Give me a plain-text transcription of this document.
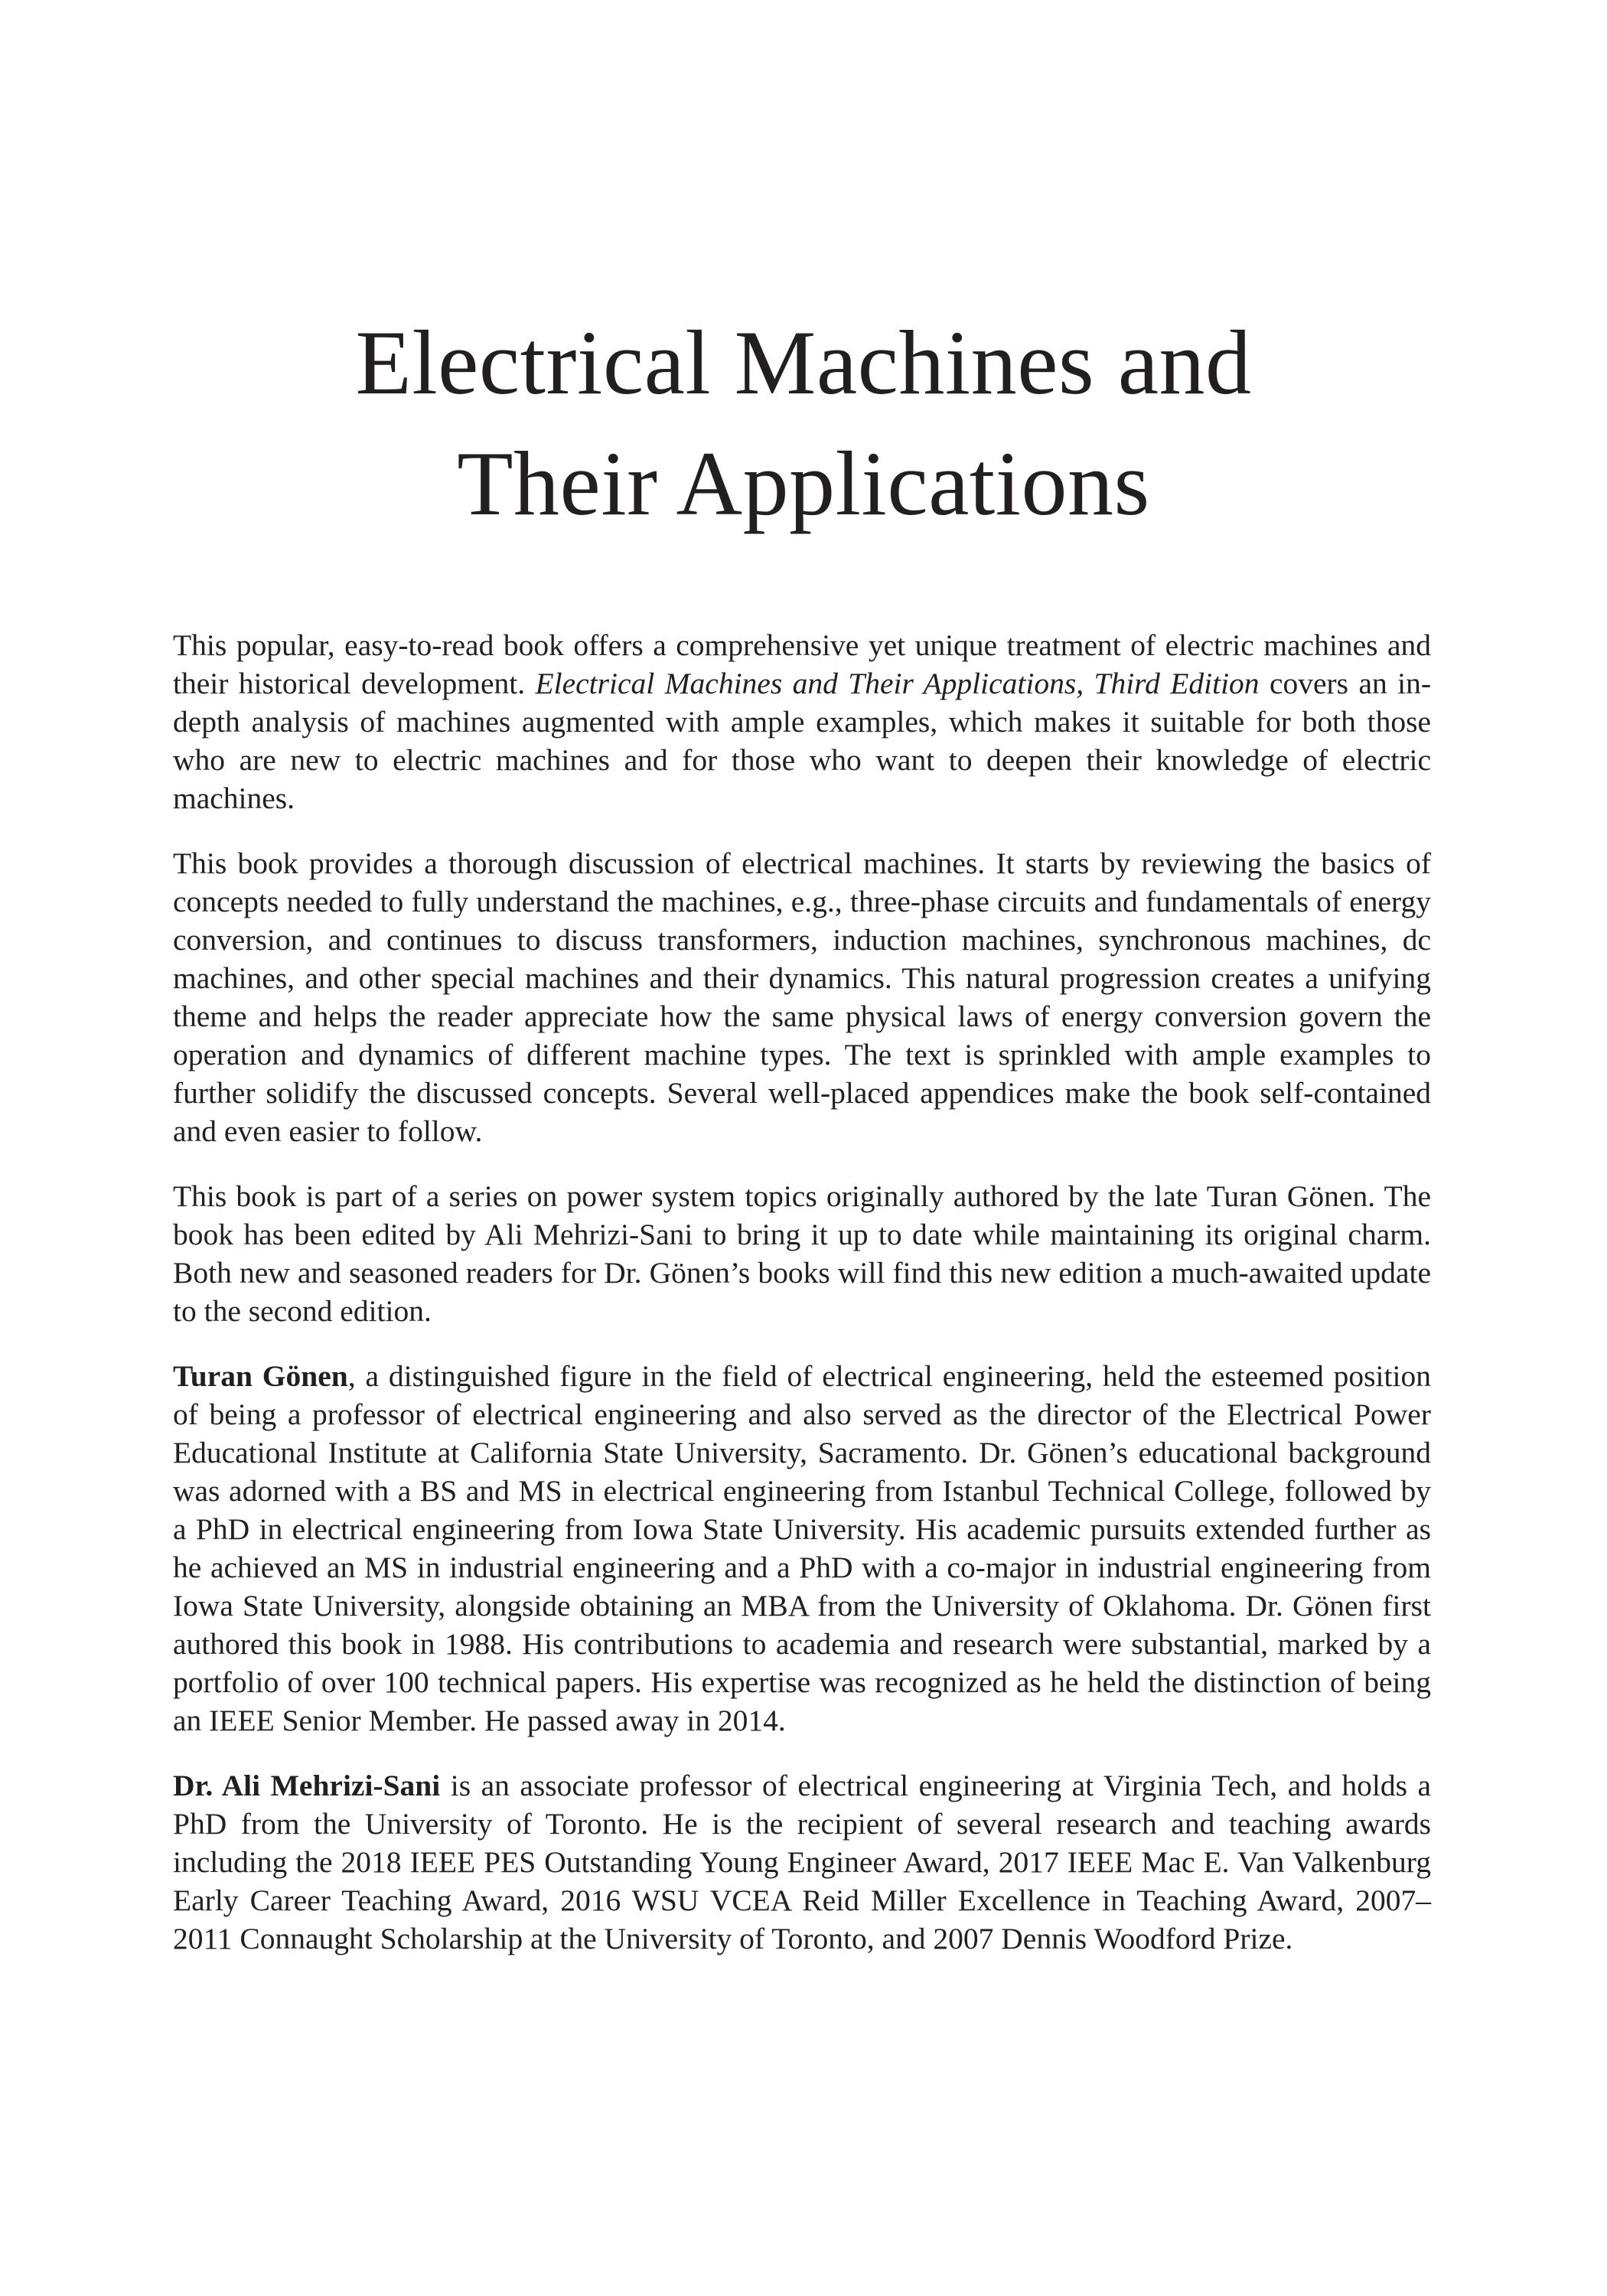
Electrical Machines and
Their Applications

This popular, easy-to-read book offers a comprehensive yet unique treatment of electric machines and their historical development. Electrical Machines and Their Applications, Third Edition covers an in-depth analysis of machines augmented with ample examples, which makes it suitable for both those who are new to electric machines and for those who want to deepen their knowledge of electric machines.

This book provides a thorough discussion of electrical machines. It starts by reviewing the basics of concepts needed to fully understand the machines, e.g., three-phase circuits and fundamentals of energy conversion, and continues to discuss transformers, induction machines, synchronous machines, dc machines, and other special machines and their dynamics. This natural progression creates a unifying theme and helps the reader appreciate how the same physical laws of energy conversion govern the operation and dynamics of different machine types. The text is sprinkled with ample examples to further solidify the discussed concepts. Several well-placed appendices make the book self-contained and even easier to follow.

This book is part of a series on power system topics originally authored by the late Turan Gönen. The book has been edited by Ali Mehrizi-Sani to bring it up to date while maintaining its original charm. Both new and seasoned readers for Dr. Gönen’s books will find this new edition a much-awaited update to the second edition.

Turan Gönen, a distinguished figure in the field of electrical engineering, held the esteemed position of being a professor of electrical engineering and also served as the director of the Electrical Power Educational Institute at California State University, Sacramento. Dr. Gönen’s educational background was adorned with a BS and MS in electrical engineering from Istanbul Technical College, followed by a PhD in electrical engineering from Iowa State University. His academic pursuits extended further as he achieved an MS in industrial engineering and a PhD with a co-major in industrial engineering from Iowa State University, alongside obtaining an MBA from the University of Oklahoma. Dr. Gönen first authored this book in 1988. His contributions to academia and research were substantial, marked by a portfolio of over 100 technical papers. His expertise was recognized as he held the distinction of being an IEEE Senior Member. He passed away in 2014.

Dr. Ali Mehrizi-Sani is an associate professor of electrical engineering at Virginia Tech, and holds a PhD from the University of Toronto. He is the recipient of several research and teaching awards including the 2018 IEEE PES Outstanding Young Engineer Award, 2017 IEEE Mac E. Van Valkenburg Early Career Teaching Award, 2016 WSU VCEA Reid Miller Excellence in Teaching Award, 2007–2011 Connaught Scholarship at the University of Toronto, and 2007 Dennis Woodford Prize.
